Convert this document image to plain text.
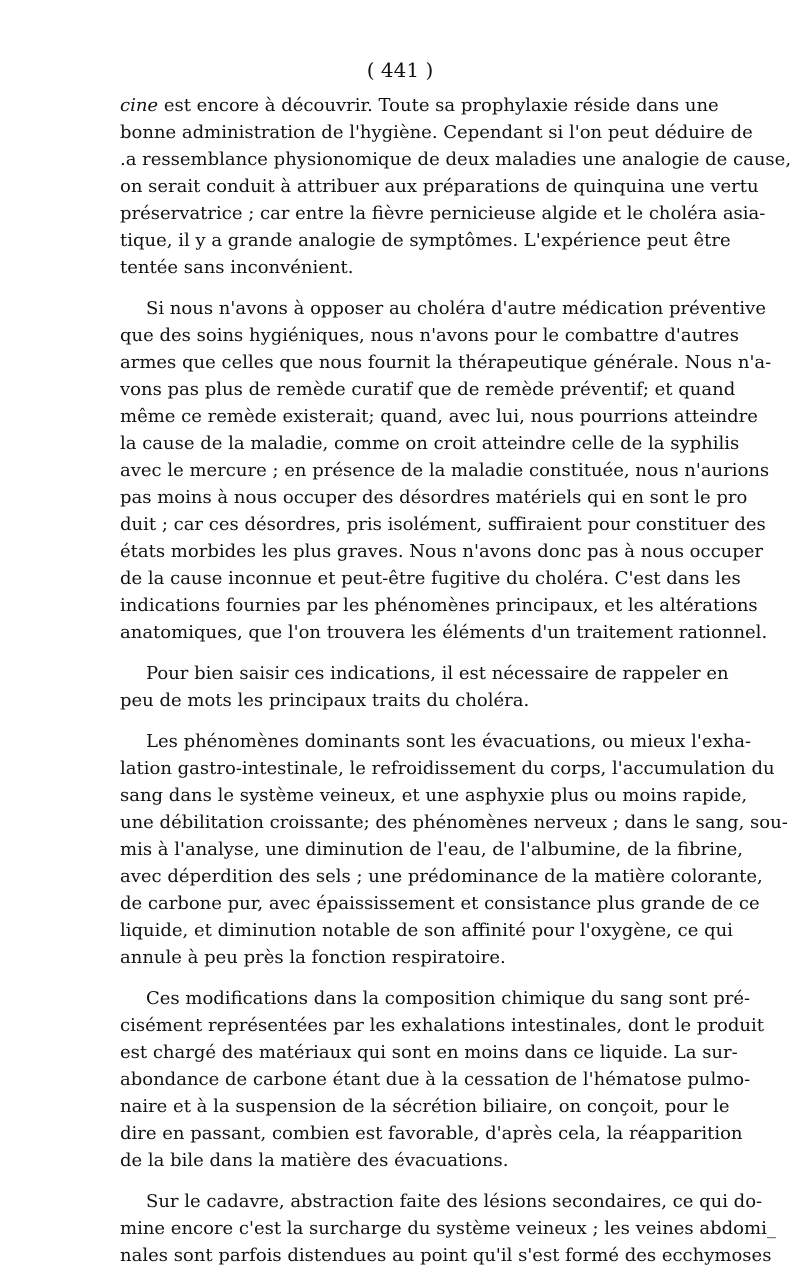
( 441 )
cine est encore à découvrir. Toute sa prophylaxie réside dans une
bonne administration de l'hygiène. Cependant si l'on peut déduire de
.a ressemblance physionomique de deux maladies une analogie de cause,
on serait conduit à attribuer aux préparations de quinquina une vertu
préservatrice ; car entre la fièvre pernicieuse algide et le choléra asia-
tique, il y a grande analogie de symptômes. L'expérience peut être
tentée sans inconvénient.
Si nous n'avons à opposer au choléra d'autre médication préventive
que des soins hygiéniques, nous n'avons pour le combattre d'autres
armes que celles que nous fournit la thérapeutique générale. Nous n'a-
vons pas plus de remède curatif que de remède préventif; et quand
même ce remède existerait; quand, avec lui, nous pourrions atteindre
la cause de la maladie, comme on croit atteindre celle de la syphilis
avec le mercure ; en présence de la maladie constituée, nous n'aurions
pas moins à nous occuper des désordres matériels qui en sont le pro
duit ; car ces désordres, pris isolément, suffiraient pour constituer des
états morbides les plus graves. Nous n'avons donc pas à nous occuper
de la cause inconnue et peut-être fugitive du choléra. C'est dans les
indications fournies par les phénomènes principaux, et les altérations
anatomiques, que l'on trouvera les éléments d'un traitement rationnel.
Pour bien saisir ces indications, il est nécessaire de rappeler en
peu de mots les principaux traits du choléra.
Les phénomènes dominants sont les évacuations, ou mieux l'exha-
lation gastro-intestinale, le refroidissement du corps, l'accumulation du
sang dans le système veineux, et une asphyxie plus ou moins rapide,
une débilitation croissante; des phénomènes nerveux ; dans le sang, sou-
mis à l'analyse, une diminution de l'eau, de l'albumine, de la fibrine,
avec déperdition des sels ; une prédominance de la matière colorante,
de carbone pur, avec épaississement et consistance plus grande de ce
liquide, et diminution notable de son affinité pour l'oxygène, ce qui
annule à peu près la fonction respiratoire.
Ces modifications dans la composition chimique du sang sont pré-
cisément représentées par les exhalations intestinales, dont le produit
est chargé des matériaux qui sont en moins dans ce liquide. La sur-
abondance de carbone étant due à la cessation de l'hématose pulmo-
naire et à la suspension de la sécrétion biliaire, on conçoit, pour le
dire en passant, combien est favorable, d'après cela, la réapparition
de la bile dans la matière des évacuations.
Sur le cadavre, abstraction faite des lésions secondaires, ce qui do-
mine encore c'est la surcharge du système veineux ; les veines abdomi_
nales sont parfois distendues au point qu'il s'est formé des ecchymoses
